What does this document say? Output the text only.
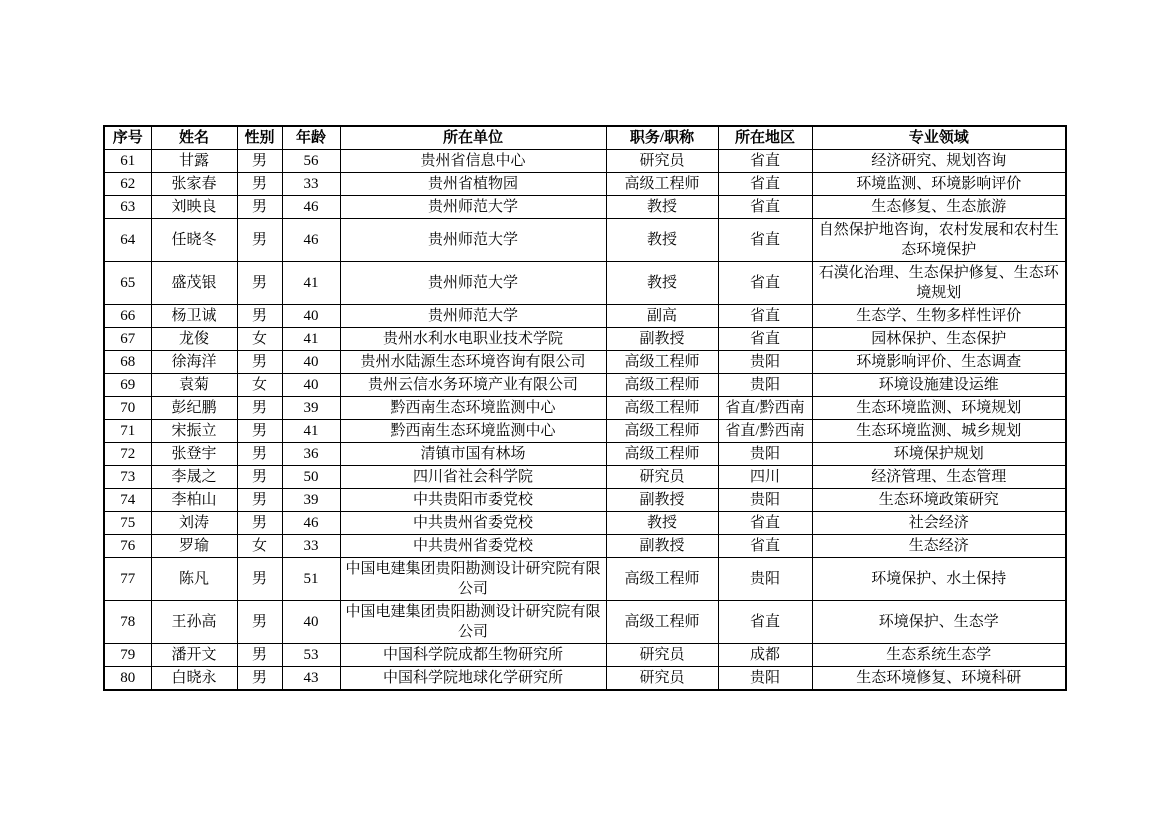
序号	姓名	性别	年龄	所在单位	职务/职称	所在地区	专业领域
61	甘露	男	56	贵州省信息中心	研究员	省直	经济研究、规划咨询
62	张家春	男	33	贵州省植物园	高级工程师	省直	环境监测、环境影响评价
63	刘映良	男	46	贵州师范大学	教授	省直	生态修复、生态旅游
64	任晓冬	男	46	贵州师范大学	教授	省直	自然保护地咨询，农村发展和农村生态环境保护
65	盛茂银	男	41	贵州师范大学	教授	省直	石漠化治理、生态保护修复、生态环境规划
66	杨卫诚	男	40	贵州师范大学	副高	省直	生态学、生物多样性评价
67	龙俊	女	41	贵州水利水电职业技术学院	副教授	省直	园林保护、生态保护
68	徐海洋	男	40	贵州水陆源生态环境咨询有限公司	高级工程师	贵阳	环境影响评价、生态调查
69	袁菊	女	40	贵州云信水务环境产业有限公司	高级工程师	贵阳	环境设施建设运维
70	彭纪鹏	男	39	黔西南生态环境监测中心	高级工程师	省直/黔西南	生态环境监测、环境规划
71	宋振立	男	41	黔西南生态环境监测中心	高级工程师	省直/黔西南	生态环境监测、城乡规划
72	张登宇	男	36	清镇市国有林场	高级工程师	贵阳	环境保护规划
73	李晟之	男	50	四川省社会科学院	研究员	四川	经济管理、生态管理
74	李柏山	男	39	中共贵阳市委党校	副教授	贵阳	生态环境政策研究
75	刘涛	男	46	中共贵州省委党校	教授	省直	社会经济
76	罗瑜	女	33	中共贵州省委党校	副教授	省直	生态经济
77	陈凡	男	51	中国电建集团贵阳勘测设计研究院有限公司	高级工程师	贵阳	环境保护、水土保持
78	王孙高	男	40	中国电建集团贵阳勘测设计研究院有限公司	高级工程师	省直	环境保护、生态学
79	潘开文	男	53	中国科学院成都生物研究所	研究员	成都	生态系统生态学
80	白晓永	男	43	中国科学院地球化学研究所	研究员	贵阳	生态环境修复、环境科研
